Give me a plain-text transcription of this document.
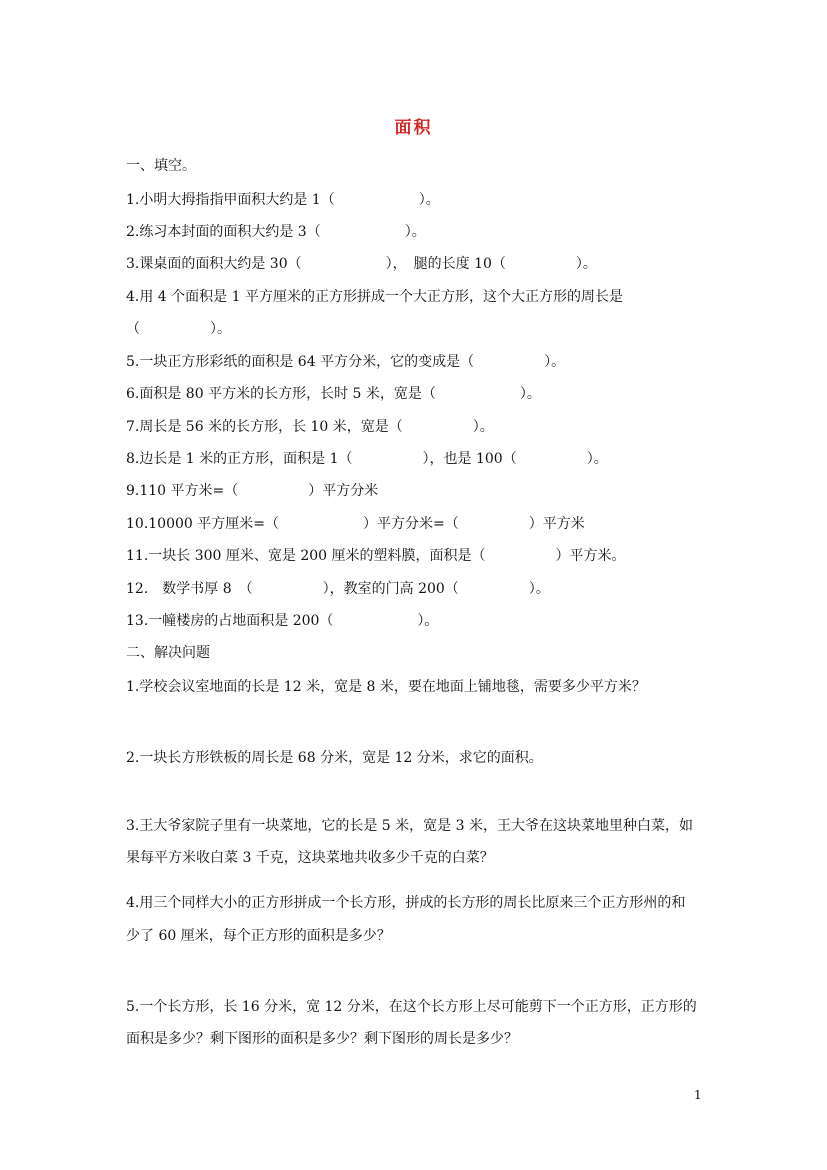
面积
一、填空。
1.小明大拇指指甲面积大约是 1（　　　　　　）。
2.练习本封面的面积大约是 3（　　　　　　）。
3.课桌面的面积大约是 30（　　　　　　），　腿的长度 10（　　　　　）。
4.用 4 个面积是 1 平方厘米的正方形拼成一个大正方形，这个大正方形的周长是
（　　　　　）。
5.一块正方形彩纸的面积是 64 平方分米，它的变成是（　　　　　）。
6.面积是 80 平方米的长方形，长时 5 米，宽是（　　　　　　）。
7.周长是 56 米的长方形，长 10 米，宽是（　　　　　）。
8.边长是 1 米的正方形，面积是 1（　　　　　），也是 100（　　　　　）。
9.110 平方米=（　　　　　）平方分米
10.10000 平方厘米=（　　　　　　）平方分米=（　　　　　）平方米
11.一块长 300 厘米、宽是 200 厘米的塑料膜，面积是（　　　　　）平方米。
12.　数学书厚 8　（　　　　　），教室的门高 200（　　　　　）。
13.一幢楼房的占地面积是 200（　　　　　　）。
二、解决问题
1.学校会议室地面的长是 12 米，宽是 8 米，要在地面上铺地毯，需要多少平方米？
2.一块长方形铁板的周长是 68 分米，宽是 12 分米，求它的面积。
3.王大爷家院子里有一块菜地，它的长是 5 米，宽是 3 米，王大爷在这块菜地里种白菜，如
果每平方米收白菜 3 千克，这块菜地共收多少千克的白菜？
4.用三个同样大小的正方形拼成一个长方形，拼成的长方形的周长比原来三个正方形州的和
少了 60 厘米，每个正方形的面积是多少？
5.一个长方形，长 16 分米，宽 12 分米，在这个长方形上尽可能剪下一个正方形，正方形的
面积是多少？剩下图形的面积是多少？剩下图形的周长是多少？
1
